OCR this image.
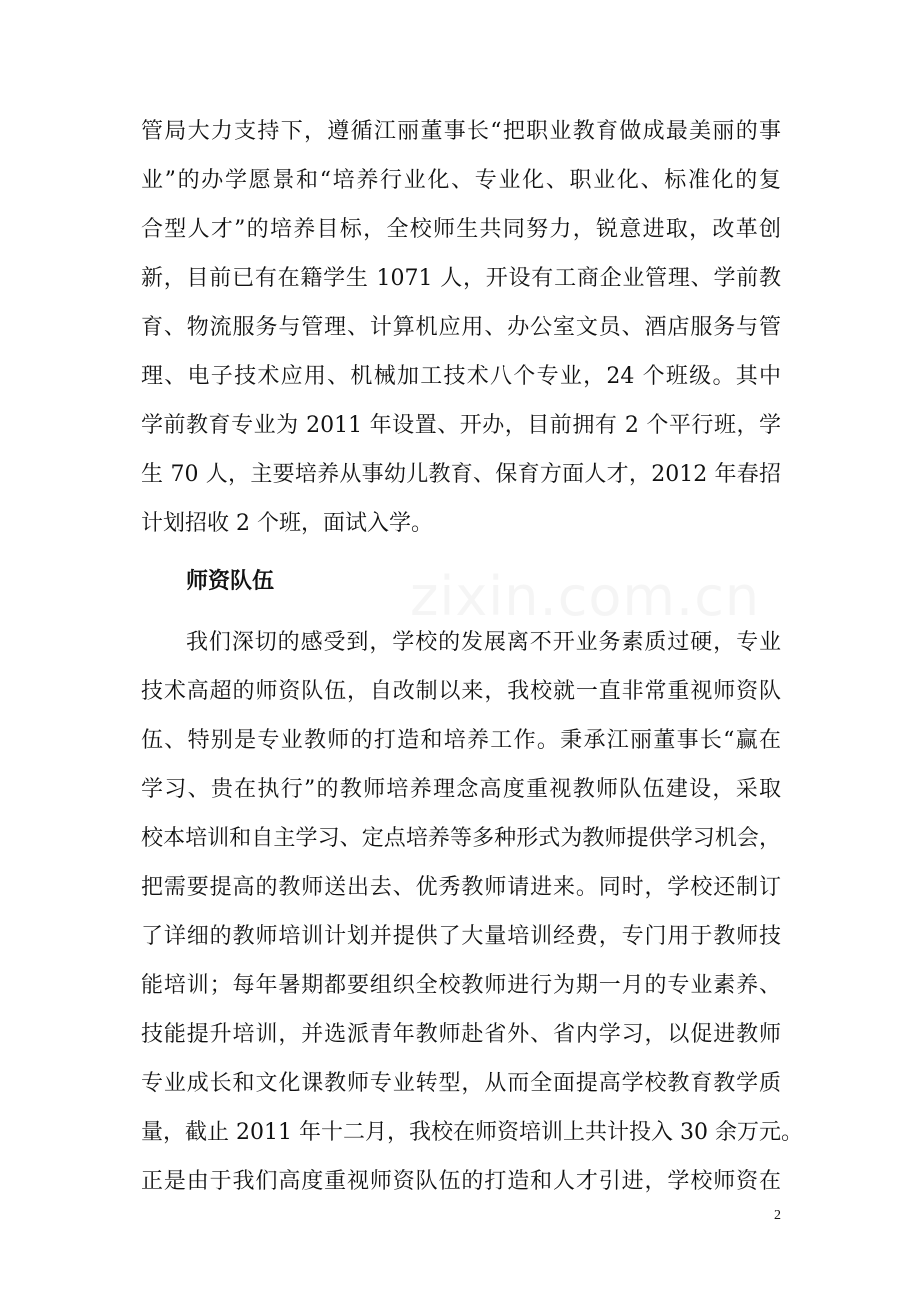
zixin.com.cn
管局大力支持下，遵循江丽董事长“把职业教育做成最美丽的事
业”的办学愿景和“培养行业化、专业化、职业化、标准化的复
合型人才”的培养目标，全校师生共同努力，锐意进取，改革创
新，目前已有在籍学生 1071 人，开设有工商企业管理、学前教
育、物流服务与管理、计算机应用、办公室文员、酒店服务与管
理、电子技术应用、机械加工技术八个专业，24 个班级。其中
学前教育专业为 2011 年设置、开办，目前拥有 2 个平行班，学
生 70 人，主要培养从事幼儿教育、保育方面人才，2012 年春招
计划招收 2 个班，面试入学。
师资队伍
我们深切的感受到，学校的发展离不开业务素质过硬，专业
技术高超的师资队伍，自改制以来，我校就一直非常重视师资队
伍、特别是专业教师的打造和培养工作。秉承江丽董事长“赢在
学习、贵在执行”的教师培养理念高度重视教师队伍建设，采取
校本培训和自主学习、定点培养等多种形式为教师提供学习机会，
把需要提高的教师送出去、优秀教师请进来。同时，学校还制订
了详细的教师培训计划并提供了大量培训经费，专门用于教师技
能培训；每年暑期都要组织全校教师进行为期一月的专业素养、
技能提升培训，并选派青年教师赴省外、省内学习，以促进教师
专业成长和文化课教师专业转型，从而全面提高学校教育教学质
量，截止 2011 年十二月，我校在师资培训上共计投入 30 余万元。
正是由于我们高度重视师资队伍的打造和人才引进，学校师资在
2
